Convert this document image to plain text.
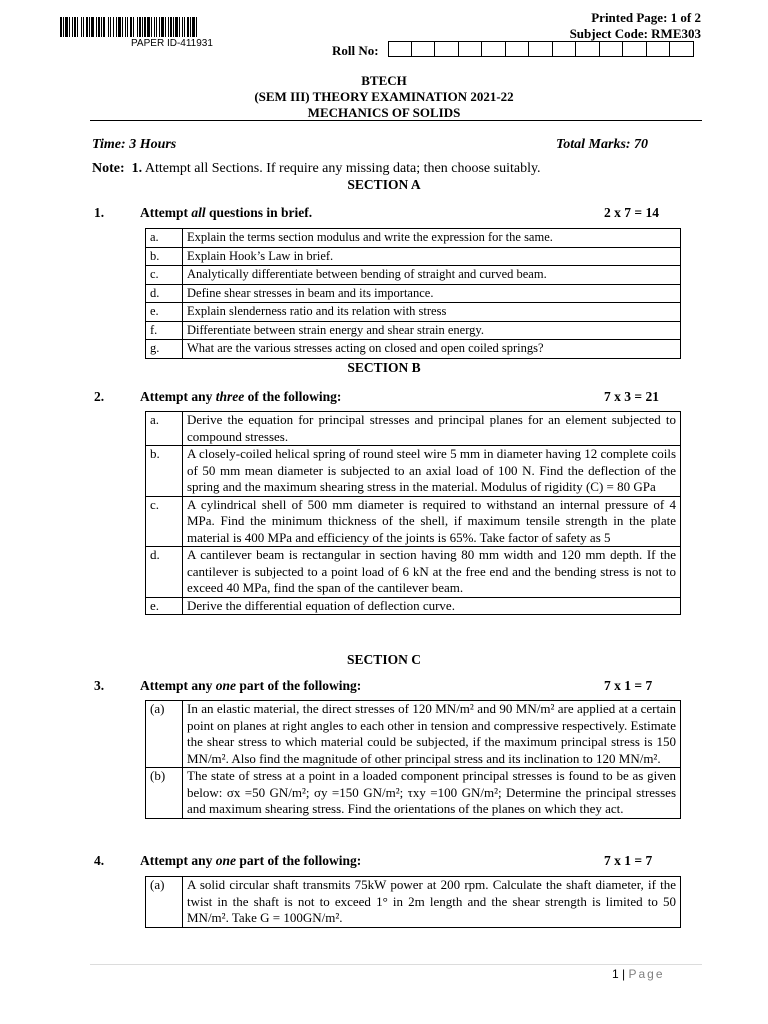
PAPER ID-411931
Printed Page: 1 of 2
Subject Code: RME303
Roll No:
BTECH
(SEM III) THEORY EXAMINATION 2021-22
MECHANICS OF SOLIDS
Time: 3 Hours	Total Marks: 70
Note: 1. Attempt all Sections. If require any missing data; then choose suitably.
SECTION A
1.	Attempt all questions in brief.	2 x 7 = 14
a.	Explain the terms section modulus and write the expression for the same.
b.	Explain Hook’s Law in brief.
c.	Analytically differentiate between bending of straight and curved beam.
d.	Define shear stresses in beam and its importance.
e.	Explain slenderness ratio and its relation with stress
f.	Differentiate between strain energy and shear strain energy.
g.	What are the various stresses acting on closed and open coiled springs?
SECTION B
2.	Attempt any three of the following:	7 x 3 = 21
a.	Derive the equation for principal stresses and principal planes for an element subjected to compound stresses.
b.	A closely-coiled helical spring of round steel wire 5 mm in diameter having 12 complete coils of 50 mm mean diameter is subjected to an axial load of 100 N. Find the deflection of the spring and the maximum shearing stress in the material. Modulus of rigidity (C) = 80 GPa
c.	A cylindrical shell of 500 mm diameter is required to withstand an internal pressure of 4 MPa. Find the minimum thickness of the shell, if maximum tensile strength in the plate material is 400 MPa and efficiency of the joints is 65%. Take factor of safety as 5
d.	A cantilever beam is rectangular in section having 80 mm width and 120 mm depth. If the cantilever is subjected to a point load of 6 kN at the free end and the bending stress is not to exceed 40 MPa, find the span of the cantilever beam.
e.	Derive the differential equation of deflection curve.
SECTION C
3.	Attempt any one part of the following:	7 x 1 = 7
(a)	In an elastic material, the direct stresses of 120 MN/m² and 90 MN/m² are applied at a certain point on planes at right angles to each other in tension and compressive respectively. Estimate the shear stress to which material could be subjected, if the maximum principal stress is 150 MN/m². Also find the magnitude of other principal stress and its inclination to 120 MN/m².
(b)	The state of stress at a point in a loaded component principal stresses is found to be as given below: σx =50 GN/m²; σy =150 GN/m²; τxy =100 GN/m²; Determine the principal stresses and maximum shearing stress. Find the orientations of the planes on which they act.
4.	Attempt any one part of the following:	7 x 1 = 7
(a)	A solid circular shaft transmits 75kW power at 200 rpm. Calculate the shaft diameter, if the twist in the shaft is not to exceed 1° in 2m length and the shear strength is limited to 50 MN/m². Take G = 100GN/m².
1 | Page
